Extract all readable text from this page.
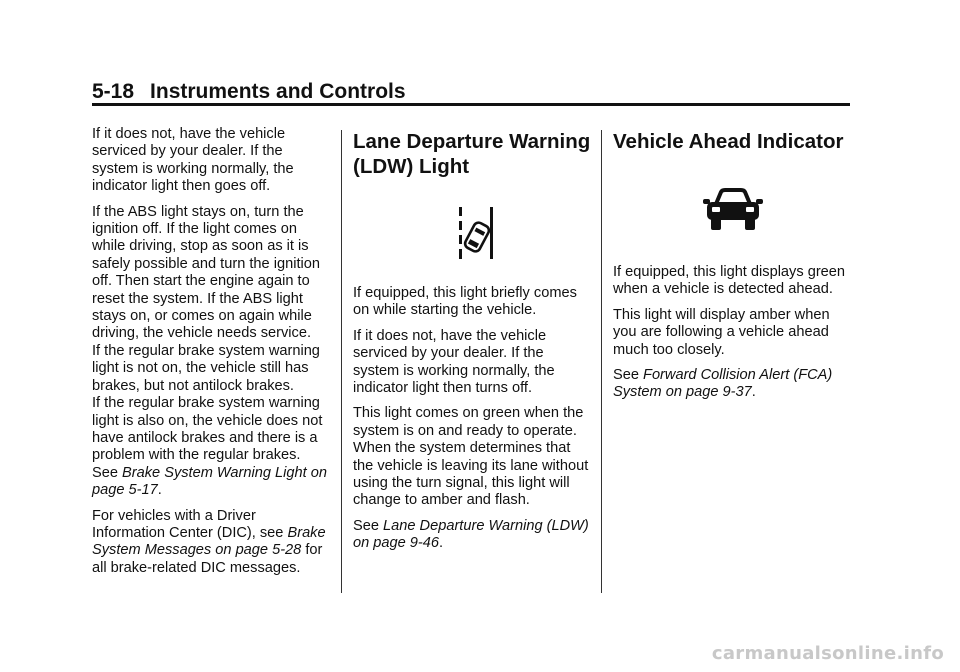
5-18 Instruments and Controls

If it does not, have the vehicle serviced by your dealer. If the system is working normally, the indicator light then goes off.

If the ABS light stays on, turn the ignition off. If the light comes on while driving, stop as soon as it is safely possible and turn the ignition off. Then start the engine again to reset the system. If the ABS light stays on, or comes on again while driving, the vehicle needs service.

If the regular brake system warning light is not on, the vehicle still has brakes, but not antilock brakes.

If the regular brake system warning light is also on, the vehicle does not have antilock brakes and there is a problem with the regular brakes.
See Brake System Warning Light on page 5-17.

For vehicles with a Driver Information Center (DIC), see Brake System Messages on page 5-28 for all brake-related DIC messages.

Lane Departure Warning
(LDW) Light

If equipped, this light briefly comes on while starting the vehicle.

If it does not, have the vehicle serviced by your dealer. If the system is working normally, the indicator light then turns off.

This light comes on green when the system is on and ready to operate. When the system determines that the vehicle is leaving its lane without using the turn signal, this light will change to amber and flash.

See Lane Departure Warning (LDW) on page 9-46.

Vehicle Ahead Indicator

If equipped, this light displays green when a vehicle is detected ahead.

This light will display amber when you are following a vehicle ahead much too closely.

See Forward Collision Alert (FCA) System on page 9-37.

carmanualsonline.info
